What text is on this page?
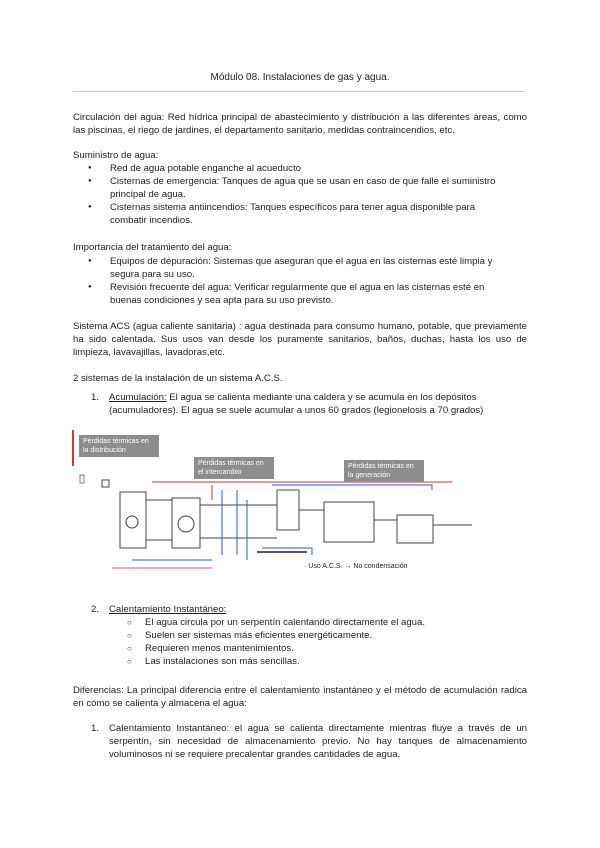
Módulo 08. Instalaciones de gas y agua.
Circulación del agua: Red hídrica principal de abastecimiento y distribución a las diferentes áreas, como las piscinas, el riego de jardines, el departamento sanitario, medidas contraincendios, etc.
Suministro de agua:
● Red de agua potable enganche al acueducto
● Cisternas de emergencia: Tanques de agua que se usan en caso de que falle el suministro principal de agua.
● Cisternas sistema antiincendios: Tanques específicos para tener agua disponible para combatir incendios.
Importancia del tratamiento del agua:
● Equipos de depuración: Sistemas que aseguran que el agua en las cisternas esté limpia y segura para su uso.
● Revisión frecuente del agua: Verificar regularmente que el agua en las cisternas esté en buenas condiciones y sea apta para su uso previsto.
Sistema ACS (agua caliente sanitaria) : agua destinada para consumo humano, potable, que previamente ha sido calentada. Sus usos van desde los puramente sanitarios, baños, duchas, hasta los uso de limpieza, lavavajillas, lavadoras,etc.
2 sistemas de la instalación de un sistema A.C.S.
1. Acumulación: El agua se calienta mediante una caldera y se acumula en los depósitos (acumuladores). El agua se suele acumular a unos 60 grados (legionelosis a 70 grados)
Pérdidas térmicas en la distribución
Pérdidas térmicas en el intercambio
Pérdidas térmicas en la generación
· Uso A.C.S. → No condensación
2. Calentamiento Instantáneo:
○ El agua circula por un serpentín calentando directamente el agua.
○ Suelen ser sistemas más eficientes energéticamente.
○ Requieren menos mantenimientos.
○ Las instalaciones son más sencillas.
Diferencias: La principal diferencia entre el calentamiento instantáneo y el método de acumulación radica en cómo se calienta y almacena el agua:
1. Calentamiento Instantáneo: el agua se calienta directamente mientras fluye a través de un serpentín, sin necesidad de almacenamiento previo. No hay tanques de almacenamiento voluminosos ni se requiere precalentar grandes cantidades de agua.
